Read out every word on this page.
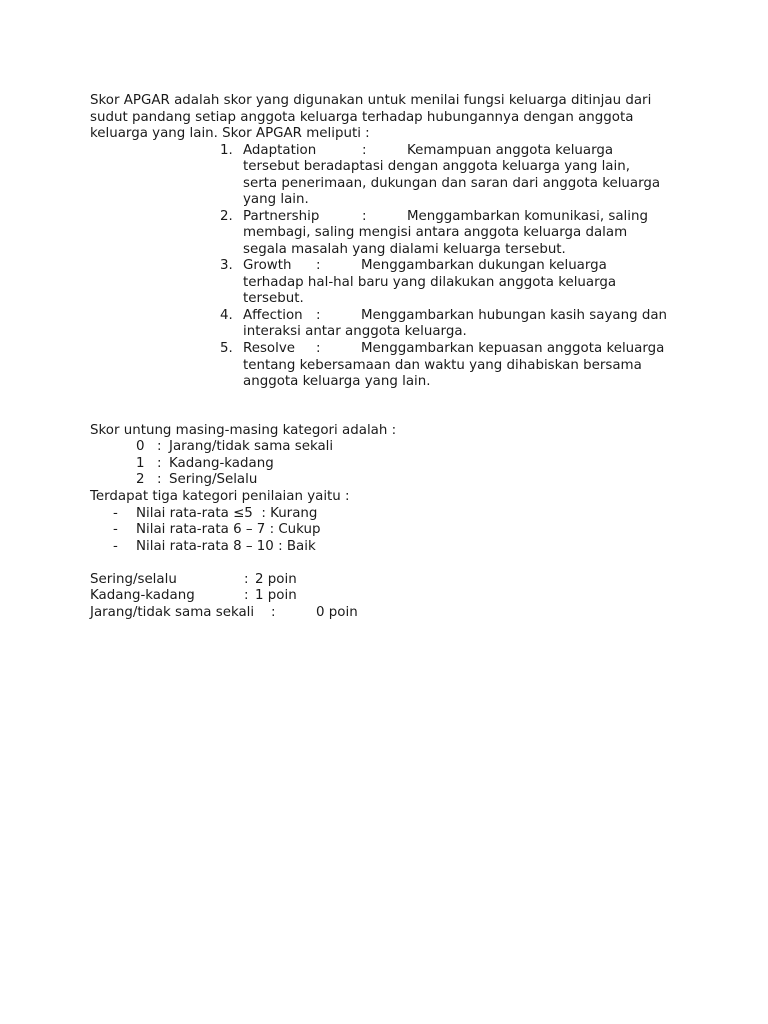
Skor APGAR adalah skor yang digunakan untuk menilai fungsi keluarga ditinjau dari
sudut pandang setiap anggota keluarga terhadap hubungannya dengan anggota
keluarga yang lain. Skor APGAR meliputi :
1. Adaptation	:	Kemampuan anggota keluarga
tersebut beradaptasi dengan anggota keluarga yang lain,
serta penerimaan, dukungan dan saran dari anggota keluarga
yang lain.
2. Partnership	:	Menggambarkan komunikasi, saling
membagi, saling mengisi antara anggota keluarga dalam
segala masalah yang dialami keluarga tersebut.
3. Growth :	Menggambarkan dukungan keluarga
terhadap hal-hal baru yang dilakukan anggota keluarga
tersebut.
4. Affection :	Menggambarkan hubungan kasih sayang dan
interaksi antar anggota keluarga.
5. Resolve :	Menggambarkan kepuasan anggota keluarga
tentang kebersamaan dan waktu yang dihabiskan bersama
anggota keluarga yang lain.
Skor untung masing-masing kategori adalah :
0 : Jarang/tidak sama sekali
1 : Kadang-kadang
2 : Sering/Selalu
Terdapat tiga kategori penilaian yaitu :
- Nilai rata-rata ≤5  : Kurang
- Nilai rata-rata 6 – 7 : Cukup
- Nilai rata-rata 8 – 10 : Baik
Sering/selalu	: 2 poin
Kadang-kadang	: 1 poin
Jarang/tidak sama sekali :	0 poin
